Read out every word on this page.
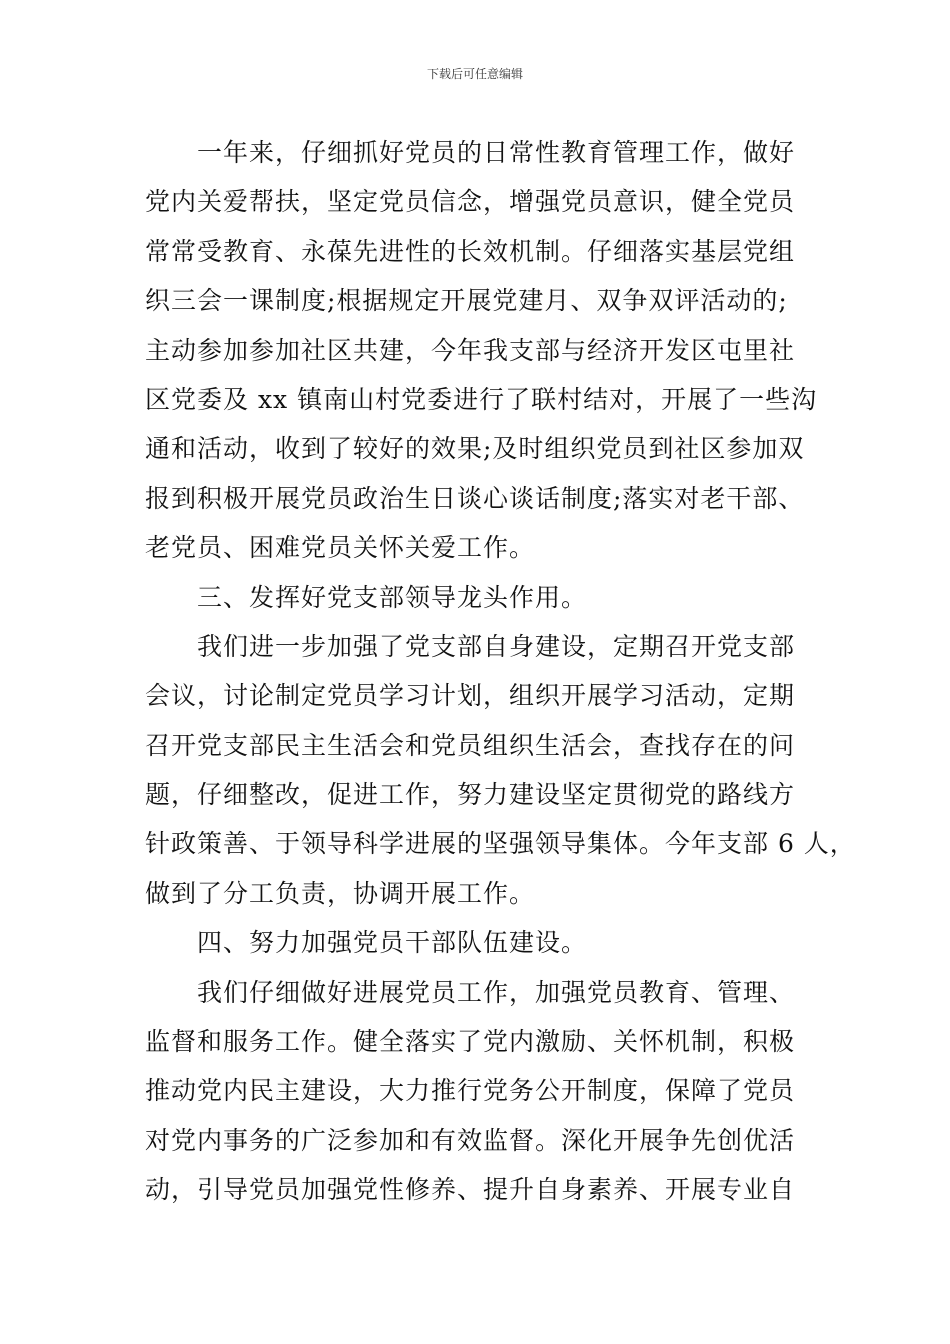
下载后可任意编辑
一年来，仔细抓好党员的日常性教育管理工作，做好
党内关爱帮扶，坚定党员信念，增强党员意识，健全党员
常常受教育、永葆先进性的长效机制。仔细落实基层党组
织三会一课制度;根据规定开展党建月、双争双评活动的;
主动参加参加社区共建，今年我支部与经济开发区屯里社
区党委及 xx 镇南山村党委进行了联村结对，开展了一些沟
通和活动，收到了较好的效果;及时组织党员到社区参加双
报到积极开展党员政治生日谈心谈话制度;落实对老干部、
老党员、困难党员关怀关爱工作。
三、发挥好党支部领导龙头作用。
我们进一步加强了党支部自身建设，定期召开党支部
会议，讨论制定党员学习计划，组织开展学习活动，定期
召开党支部民主生活会和党员组织生活会，查找存在的问
题，仔细整改，促进工作，努力建设坚定贯彻党的路线方
针政策善、于领导科学进展的坚强领导集体。今年支部 6 人，
做到了分工负责，协调开展工作。
四、努力加强党员干部队伍建设。
我们仔细做好进展党员工作，加强党员教育、管理、
监督和服务工作。健全落实了党内激励、关怀机制，积极
推动党内民主建设，大力推行党务公开制度，保障了党员
对党内事务的广泛参加和有效监督。深化开展争先创优活
动，引导党员加强党性修养、提升自身素养、开展专业自
